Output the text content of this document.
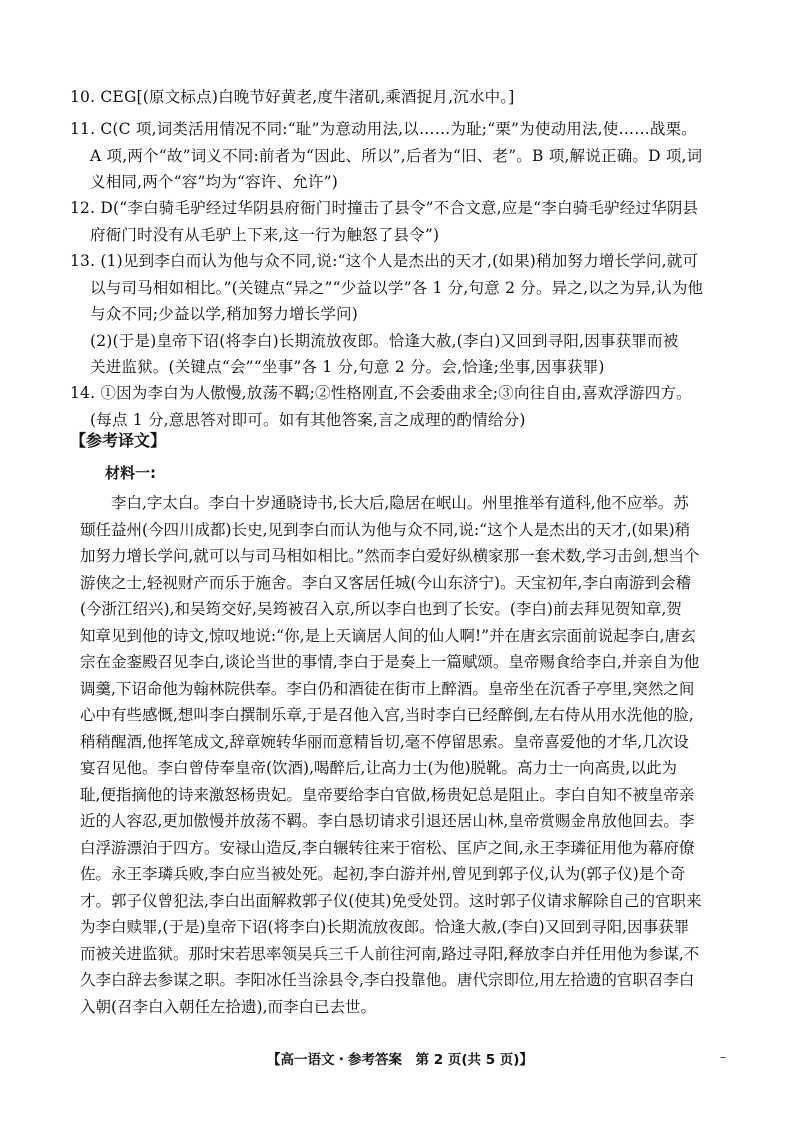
10. CEG[(原文标点)白晚节好黄老,度牛渚矶,乘酒捉月,沉水中。]
11. C(C 项,词类活用情况不同:“耻”为意动用法,以……为耻;“栗”为使动用法,使……战栗。
A 项,两个“故”词义不同:前者为“因此、所以”,后者为“旧、老”。B 项,解说正确。D 项,词
义相同,两个“容”均为“容许、允许”)
12. D(“李白骑毛驴经过华阴县府衙门时撞击了县令”不合文意,应是“李白骑毛驴经过华阴县
府衙门时没有从毛驴上下来,这一行为触怒了县令”)
13. (1)见到李白而认为他与众不同,说:“这个人是杰出的天才,(如果)稍加努力增长学问,就可
以与司马相如相比。”(关键点“异之”“少益以学”各 1 分,句意 2 分。异之,以之为异,认为他
与众不同;少益以学,稍加努力增长学问)
(2)(于是)皇帝下诏(将李白)长期流放夜郎。恰逢大赦,(李白)又回到寻阳,因事获罪而被
关进监狱。(关键点“会”“坐事”各 1 分,句意 2 分。会,恰逢;坐事,因事获罪)
14. ①因为李白为人傲慢,放荡不羁;②性格刚直,不会委曲求全;③向往自由,喜欢浮游四方。
(每点 1 分,意思答对即可。如有其他答案,言之成理的酌情给分)
【参考译文】
材料一:
　　李白,字太白。李白十岁通晓诗书,长大后,隐居在岷山。州里推举有道科,他不应举。苏
颋任益州(今四川成都)长史,见到李白而认为他与众不同,说:“这个人是杰出的天才,(如果)稍
加努力增长学问,就可以与司马相如相比。”然而李白爱好纵横家那一套术数,学习击剑,想当个
游侠之士,轻视财产而乐于施舍。李白又客居任城(今山东济宁)。天宝初年,李白南游到会稽
(今浙江绍兴),和吴筠交好,吴筠被召入京,所以李白也到了长安。(李白)前去拜见贺知章,贺
知章见到他的诗文,惊叹地说:“你,是上天谪居人间的仙人啊!”并在唐玄宗面前说起李白,唐玄
宗在金銮殿召见李白,谈论当世的事情,李白于是奏上一篇赋颂。皇帝赐食给李白,并亲自为他
调羹,下诏命他为翰林院供奉。李白仍和酒徒在街市上醉酒。皇帝坐在沉香子亭里,突然之间
心中有些感慨,想叫李白撰制乐章,于是召他入宫,当时李白已经醉倒,左右侍从用水洗他的脸,
稍稍醒酒,他挥笔成文,辞章婉转华丽而意精旨切,毫不停留思索。皇帝喜爱他的才华,几次设
宴召见他。李白曾侍奉皇帝(饮酒),喝醉后,让高力士(为他)脱靴。高力士一向高贵,以此为
耻,便指摘他的诗来激怒杨贵妃。皇帝要给李白官做,杨贵妃总是阻止。李白自知不被皇帝亲
近的人容忍,更加傲慢并放荡不羁。李白恳切请求引退还居山林,皇帝赏赐金帛放他回去。李
白浮游漂泊于四方。安禄山造反,李白辗转往来于宿松、匡庐之间,永王李璘征用他为幕府僚
佐。永王李璘兵败,李白应当被处死。起初,李白游并州,曾见到郭子仪,认为(郭子仪)是个奇
才。郭子仪曾犯法,李白出面解救郭子仪(使其)免受处罚。这时郭子仪请求解除自己的官职来
为李白赎罪,(于是)皇帝下诏(将李白)长期流放夜郎。恰逢大赦,(李白)又回到寻阳,因事获罪
而被关进监狱。那时宋若思率领吴兵三千人前往河南,路过寻阳,释放李白并任用他为参谋,不
久李白辞去参谋之职。李阳冰任当涂县令,李白投靠他。唐代宗即位,用左拾遗的官职召李白
入朝(召李白入朝任左拾遗),而李白已去世。
【高一语文・参考答案　第 2 页(共 5 页)】	–
